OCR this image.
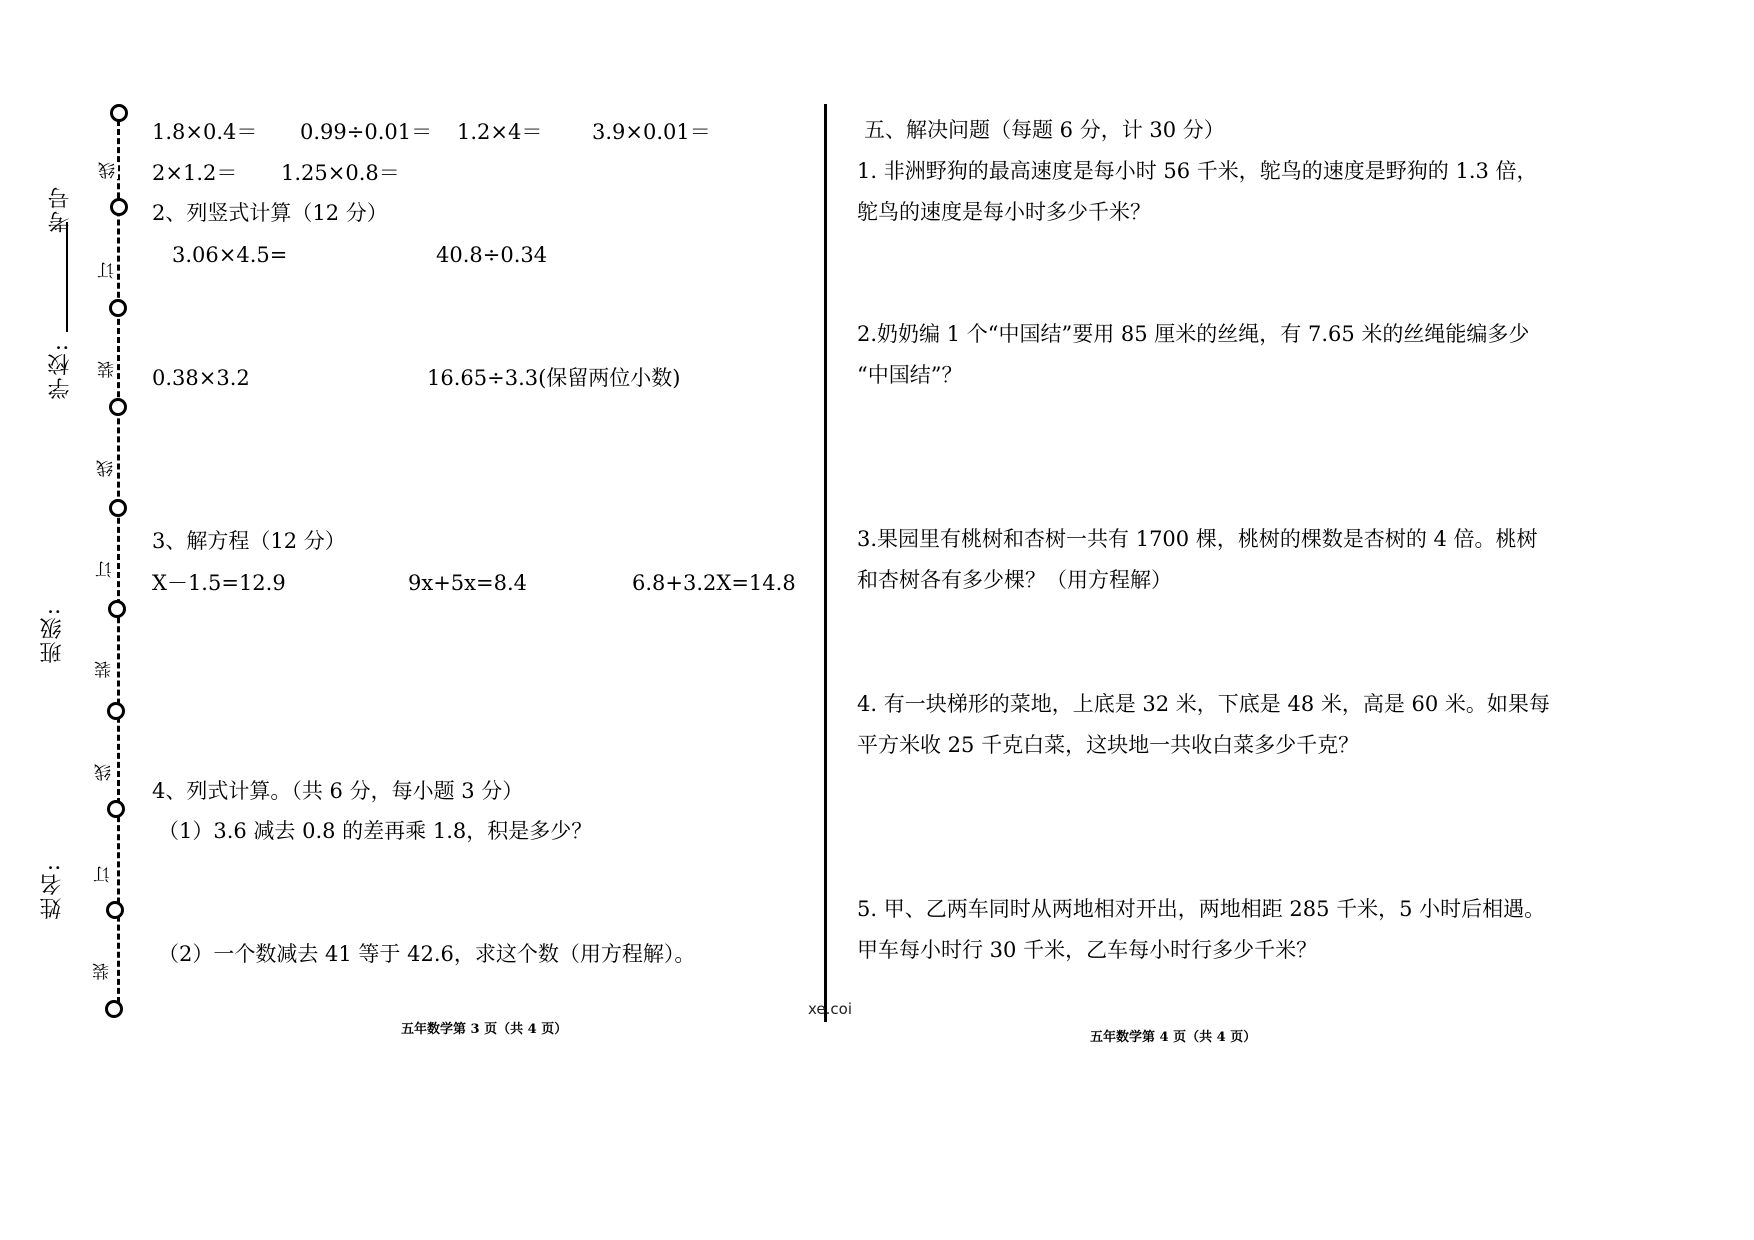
考号
学校:
班级:
姓名:
线
订
装
线
订
装
线
订
装
1.8×0.4＝ 0.99÷0.01＝ 1.2×4＝ 3.9×0.01＝
2×1.2＝ 1.25×0.8＝
2、列竖式计算（12 分）
3.06×4.5=	40.8÷0.34
0.38×3.2	16.65÷3.3(保留两位小数)
3、解方程（12 分）
X－1.5=12.9	9x+5x=8.4	6.8+3.2X=14.8
4、列式计算。（共 6 分，每小题 3 分）
（1）3.6 减去 0.8 的差再乘 1.8，积是多少？
（2）一个数减去 41 等于 42.6，求这个数（用方程解）。
五年数学第 3 页（共 4 页）
xe.coi
五、解决问题（每题 6 分，计 30 分）
1. 非洲野狗的最高速度是每小时 56 千米，鸵鸟的速度是野狗的 1.3 倍，
鸵鸟的速度是每小时多少千米？
2.奶奶编 1 个“中国结”要用 85 厘米的丝绳，有 7.65 米的丝绳能编多少
“中国结”？
3.果园里有桃树和杏树一共有 1700 棵，桃树的棵数是杏树的 4 倍。桃树
和杏树各有多少棵？（用方程解）
4. 有一块梯形的菜地，上底是 32 米，下底是 48 米，高是 60 米。如果每
平方米收 25 千克白菜，这块地一共收白菜多少千克？
5. 甲、乙两车同时从两地相对开出，两地相距 285 千米，5 小时后相遇。
甲车每小时行 30 千米，乙车每小时行多少千米？
五年数学第 4 页（共 4 页）
